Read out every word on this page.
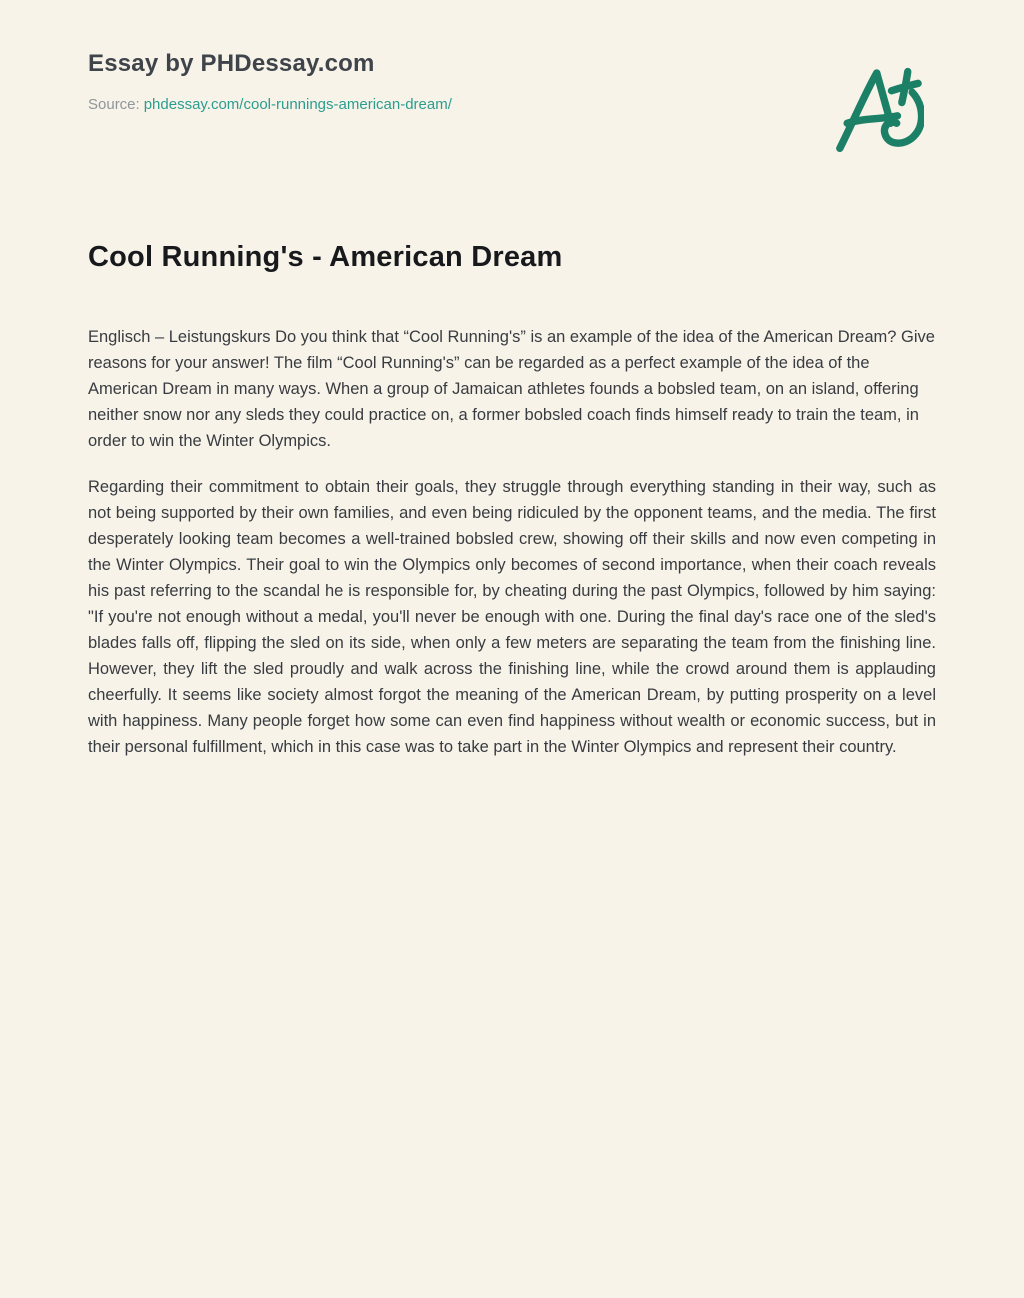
Essay by PHDessay.com

Source: phdessay.com/cool-runnings-american-dream/

Cool Running's - American Dream

Englisch – Leistungskurs Do you think that “Cool Running's” is an example of the idea of the American Dream? Give reasons for your answer! The film “Cool Running's” can be regarded as a perfect example of the idea of the American Dream in many ways. When a group of Jamaican athletes founds a bobsled team, on an island, offering neither snow nor any sleds they could practice on, a former bobsled coach finds himself ready to train the team, in order to win the Winter Olympics.

Regarding their commitment to obtain their goals, they struggle through everything standing in their way, such as not being supported by their own families, and even being ridiculed by the opponent teams, and the media. The first desperately looking team becomes a well-trained bobsled crew, showing off their skills and now even competing in the Winter Olympics. Their goal to win the Olympics only becomes of second importance, when their coach reveals his past referring to the scandal he is responsible for, by cheating during the past Olympics, followed by him saying: "If you're not enough without a medal, you'll never be enough with one. During the final day's race one of the sled's blades falls off, flipping the sled on its side, when only a few meters are separating the team from the finishing line. However, they lift the sled proudly and walk across the finishing line, while the crowd around them is applauding cheerfully. It seems like society almost forgot the meaning of the American Dream, by putting prosperity on a level with happiness. Many people forget how some can even find happiness without wealth or economic success, but in their personal fulfillment, which in this case was to take part in the Winter Olympics and represent their country.
